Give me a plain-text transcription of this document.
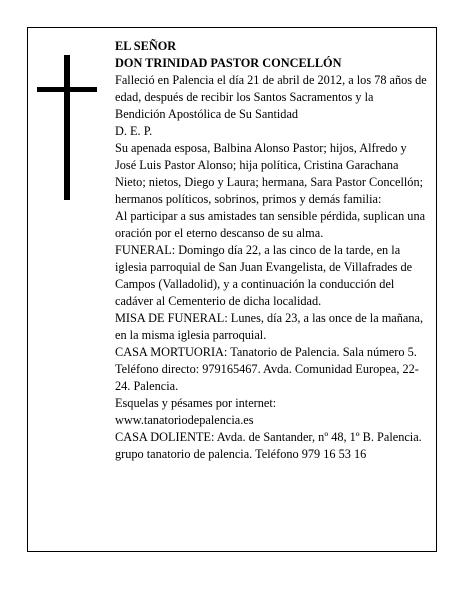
EL SEÑOR

DON TRINIDAD PASTOR CONCELLÓN

Falleció en Palencia el día 21 de abril de 2012, a los 78 años de edad, después de recibir los Santos Sacramentos y la Bendición Apostólica de Su Santidad

D. E. P.

Su apenada esposa, Balbina Alonso Pastor; hijos, Alfredo y José Luis Pastor Alonso; hija política, Cristina Garachana Nieto; nietos, Diego y Laura; hermana, Sara Pastor Concellón; hermanos políticos, sobrinos, primos y demás familia:

Al participar a sus amistades tan sensible pérdida, suplican una oración por el eterno descanso de su alma.

FUNERAL: Domingo día 22, a las cinco de la tarde, en la iglesia parroquial de San Juan Evangelista, de Villafrades de Campos (Valladolid), y a continuación la conducción del cadáver al Cementerio de dicha localidad.

MISA DE FUNERAL: Lunes, día 23, a las once de la mañana, en la misma iglesia parroquial.

CASA MORTUORIA: Tanatorio de Palencia. Sala número 5. Teléfono directo: 979165467. Avda. Comunidad Europea, 22-24. Palencia.

Esquelas y pésames por internet:

www.tanatoriodepalencia.es

CASA DOLIENTE: Avda. de Santander, nº 48, 1º B. Palencia.

grupo tanatorio de palencia. Teléfono 979 16 53 16
